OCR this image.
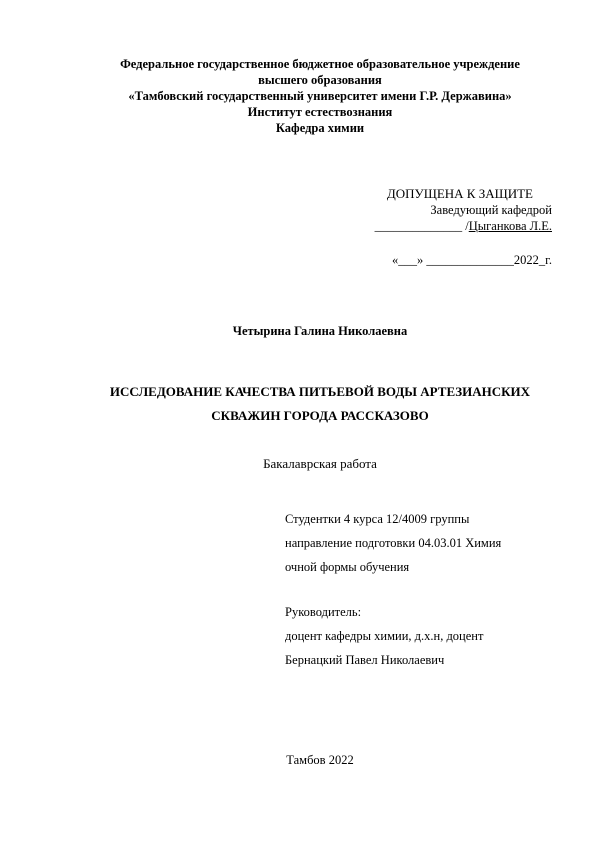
Федеральное государственное бюджетное образовательное учреждение
высшего образования
«Тамбовский государственный университет имени Г.Р. Державина»
Институт естествознания
Кафедра химии
ДОПУЩЕНА К ЗАЩИТЕ
Заведующий кафедрой
______________ /Цыганкова Л.Е.
«___» ______________2022_г.
Четырина Галина Николаевна
ИССЛЕДОВАНИЕ КАЧЕСТВА ПИТЬЕВОЙ ВОДЫ АРТЕЗИАНСКИХ
СКВАЖИН ГОРОДА РАССКАЗОВО
Бакалаврская работа
Студентки 4 курса 12/4009 группы
направление подготовки 04.03.01 Химия
очной формы обучения
Руководитель:
доцент кафедры химии, д.х.н, доцент
Бернацкий Павел Николаевич
Тамбов 2022
